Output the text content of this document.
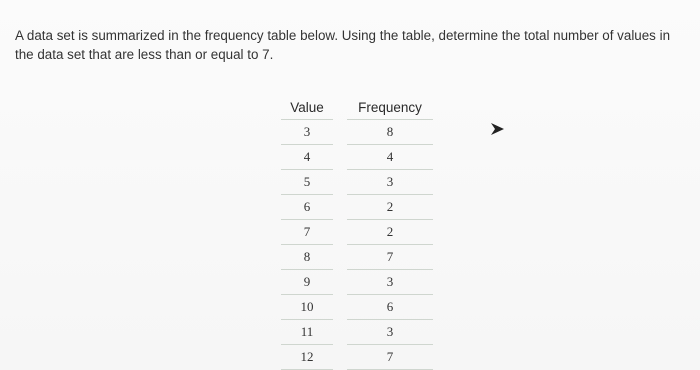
A data set is summarized in the frequency table below. Using the table, determine the total number of values in the data set that are less than or equal to 7.

Value		Frequency
3		8
4		4
5		3
6		2
7		2
8		7
9		3
10		6
11		3
12		7
